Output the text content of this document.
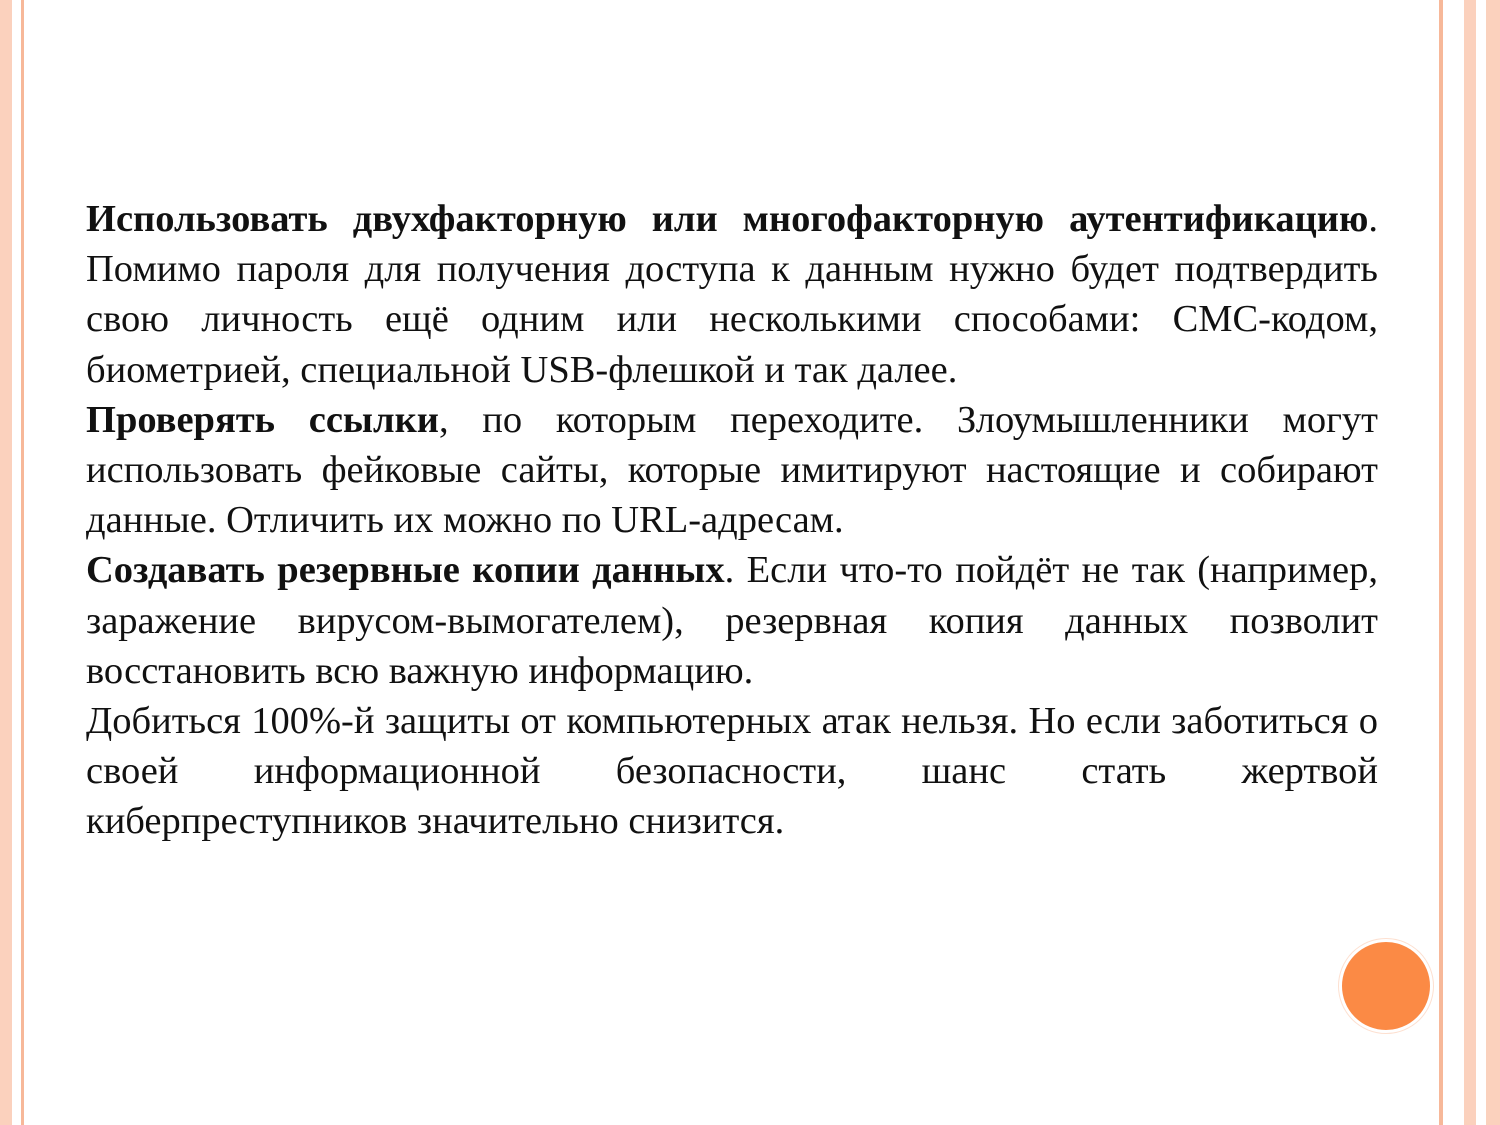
Использовать двухфакторную или многофакторную аутентификацию. Помимо пароля для получения доступа к данным нужно будет подтвердить свою личность ещё одним или несколькими способами: СМС-кодом, биометрией, специальной USB-флешкой и так далее.

Проверять ссылки, по которым переходите. Злоумышленники могут использовать фейковые сайты, которые имитируют настоящие и собирают данные. Отличить их можно по URL-адресам.

Создавать резервные копии данных. Если что-то пойдёт не так (например, заражение вирусом-вымогателем), резервная копия данных позволит восстановить всю важную информацию.

Добиться 100%-й защиты от компьютерных атак нельзя. Но если заботиться о своей информационной безопасности, шанс стать жертвой киберпреступников значительно снизится.
